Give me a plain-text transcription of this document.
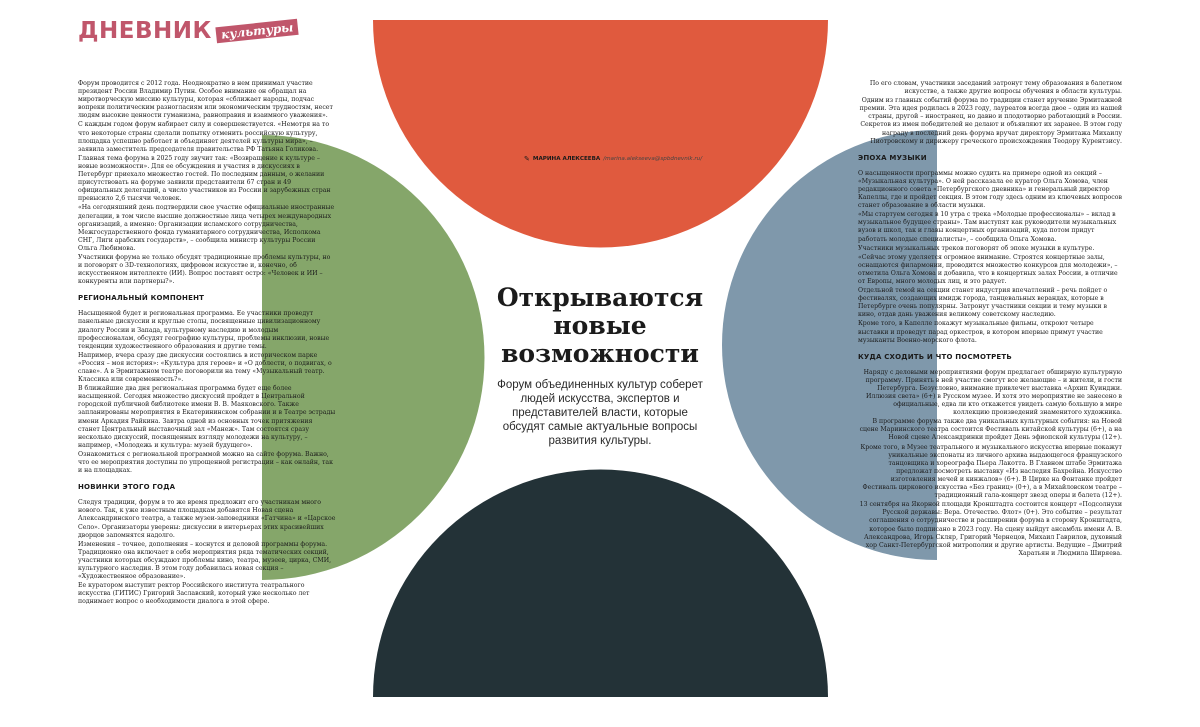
ДНЕВНИК культуры
✎ МАРИНА АЛЕКСЕЕВА /marina.alekseeva@spbdnevnik.ru/
Открываются
новые
возможности
Форум объединенных культур соберет людей искусства, экспертов и представителей власти, которые обсудят самые актуальные вопросы развития культуры.

Форум проводится с 2012 года. Неоднократно в нем принимал участие президент России Владимир Путин. Особое внимание он обращал на миротворческую миссию культуры, которая «сближает народы, подчас вопреки политическим разногласиям или экономическим трудностям, несет людям высокие ценности гуманизма, равноправия и взаимного уважения».

С каждым годом форум набирает силу и совершенствуется. «Немотря на то что некоторые страны сделали попытку отменить российскую культуру, площадка успешно работает и объединяет деятелей культуры мира», – заявила заместитель председателя правительства РФ Татьяна Голикова.

Главная тема форума в 2025 году звучит так: «Возвращение к культуре – новые возможности». Для ее обсуждения и участия в дискуссиях в Петербург приехало множество гостей. По последним данным, о желании присутствовать на форуме заявили представители 67 стран и 49 официальных делегаций, а число участников из России и зарубежных стран превысило 2,6 тысячи человек.

«На сегодняшний день подтвердили свое участие официальные иностранные делегации, в том числе высшие должностные лица четырех международных организаций, а именно: Организации исламского сотрудничества, Межгосударственного фонда гуманитарного сотрудничества, Исполкома СНГ, Лиги арабских государств», – сообщила министр культуры России Ольга Любимова.

Участники форума не только обсудят традиционные проблемы культуры, но и поговорят о 3D-технологиях, цифровом искусстве и, конечно, об искусственном интеллекте (ИИ). Вопрос поставят остро: «Человек и ИИ – конкуренты или партнеры?».

РЕГИОНАЛЬНЫЙ КОМПОНЕНТ

Насыщенной будет и региональная программа. Ее участники проведут панельные дискуссии и круглые столы, посвященные цивилизационному диалогу России и Запада, культурному наследию и молодым профессионалам, обсудят географию культуры, проблемы инклюзии, новые тенденции художественного образования и другие темы.

Например, вчера сразу две дискуссии состоялись в историческом парке «Россия – моя история»: «Культура для героев» и «О доблести, о подвигах, о славе». А в Эрмитажном театре поговорили на тему «Музыкальный театр. Классика или современность?».

В ближайшие два дня региональная программа будет еще более насыщенной. Сегодня множество дискуссий пройдет в Центральной городской публичной библиотеке имени В. В. Маяковского. Также запланированы мероприятия в Екатерининском собрании и в Театре эстрады имени Аркадия Райкина. Завтра одной из основных точек притяжения станет Центральный выставочный зал «Манеж». Там состоятся сразу несколько дискуссий, посвященных взгляду молодежи на культуру, – например, «Молодежь и культура: музей будущего».

Ознакомиться с региональной программой можно на сайте форума. Важно, что ее мероприятия доступны по упрощенной регистрации – как онлайн, так и на площадках.

НОВИНКИ ЭТОГО ГОДА

Следуя традиции, форум в то же время предложит его участникам много нового. Так, к уже известным площадкам добавятся Новая сцена Александринского театра, а также музеи-заповедники «Гатчина» и «Царское Село». Организаторы уверены: дискуссии в интерьерах этих красивейших дворцов запомнятся надолго.

Изменения – точнее, дополнения – коснутся и деловой программы форума. Традиционно она включает в себя мероприятия ряда тематических секций, участники которых обсуждают проблемы кино, театра, музеев, цирка, СМИ, культурного наследия. В этом году добавилась новая секция – «Художественное образование».

Ее куратором выступит ректор Российского института театрального искусства (ГИТИС) Григорий Заславский, который уже несколько лет поднимает вопрос о необходимости диалога в этой сфере.

По его словам, участники заседаний затронут тему образования в балетном искусстве, а также другие вопросы обучения в области культуры.

Одним из главных событий форума по традиции станет вручение Эрмитажной премии. Эта идея родилась в 2023 году, лауреатов всегда двое – один из нашей страны, другой – иностранец, но давно и плодотворно работающий в России. Секретов из имен победителей не делают и объявляют их заранее. В этом году награду в последний день форума вручат директору Эрмитажа Михаилу Пиотровскому и дирижеру греческого происхождения Теодору Курентзису.

ЭПОХА МУЗЫКИ

О насыщенности программы можно судить на примере одной из секций – «Музыкальная культура». О ней рассказала ее куратор Ольга Хомова, член редакционного совета «Петербургского дневника» и генеральный директор Капеллы, где и пройдет секция. В этом году здесь одним из ключевых вопросов станет образование в области музыки.

«Мы стартуем сегодня в 10 утра с трека «Молодые профессионалы» – вклад в музыкальное будущее страны». Там выступят как руководители музыкальных вузов и школ, так и главы концертных организаций, куда потом придут работать молодые специалисты», – сообщила Ольга Хомова.

Участники музыкальных треков поговорят об эпохе музыки в культуре.

«Сейчас этому уделяется огромное внимание. Строятся концертные залы, оснащаются филармонии, проводится множество конкурсов для молодежи», – отметила Ольга Хомова и добавила, что в концертных залах России, в отличие от Европы, много молодых лиц, и это радует.

Отдельной темой на секции станет индустрия впечатлений – речь пойдет о фестивалях, создающих имидж города, танцевальных верандах, которые в Петербурге очень популярны. Затронут участники секции и тему музыки в кино, отдав дань уважения великому советскому наследию.

Кроме того, в Капелле покажут музыкальные фильмы, откроют четыре выставки и проведут парад оркестров, в котором впервые примут участие музыканты Военно-морского флота.

КУДА СХОДИТЬ И ЧТО ПОСМОТРЕТЬ

Наряду с деловыми мероприятиями форум предлагает обширную культурную программу. Принять в ней участие смогут все желающие – и жители, и гости Петербурга. Безусловно, внимание привлечет выставка «Архип Куинджи. Иллюзия света» (6+) в Русском музее. И хотя это мероприятие не занесено в официальные, едва ли кто откажется увидеть самую большую в мире коллекцию произведений знаменитого художника.

В программе форума также два уникальных культурных события: на Новой сцене Мариинского театра состоится Фестиваль китайской культуры (6+), а на Новой сцене Александринки пройдет День эфиопской культуры (12+).

Кроме того, в Музее театрального и музыкального искусства впервые покажут уникальные экспонаты из личного архива выдающегося французского танцовщика и хореографа Пьера Лакотта. В Главном штабе Эрмитажа предложат посмотреть выставку «Из наследия Бахрейна. Искусство изготовления мечей и кинжалов» (6+). В Цирке на Фонтанке пройдет Фестиваль циркового искусства «Без границ» (0+), а в Михайловском театре – традиционный гала-концерт звезд оперы и балета (12+).

13 сентября на Якорной площади Кронштадта состоится концерт «Подсолнухи Русской державы: Вера. Отечество. Флот» (0+). Это событие – результат соглашения о сотрудничестве и расширении форума в сторону Кронштадта, которое было подписано в 2023 году. На сцену выйдут ансамбль имени А. В. Александрова, Игорь Скляр, Григорий Чернецов, Михаил Гаврилов, духовный хор Санкт-Петербургской митрополии и другие артисты. Ведущие – Дмитрий Харатьян и Людмила Ширяева.
